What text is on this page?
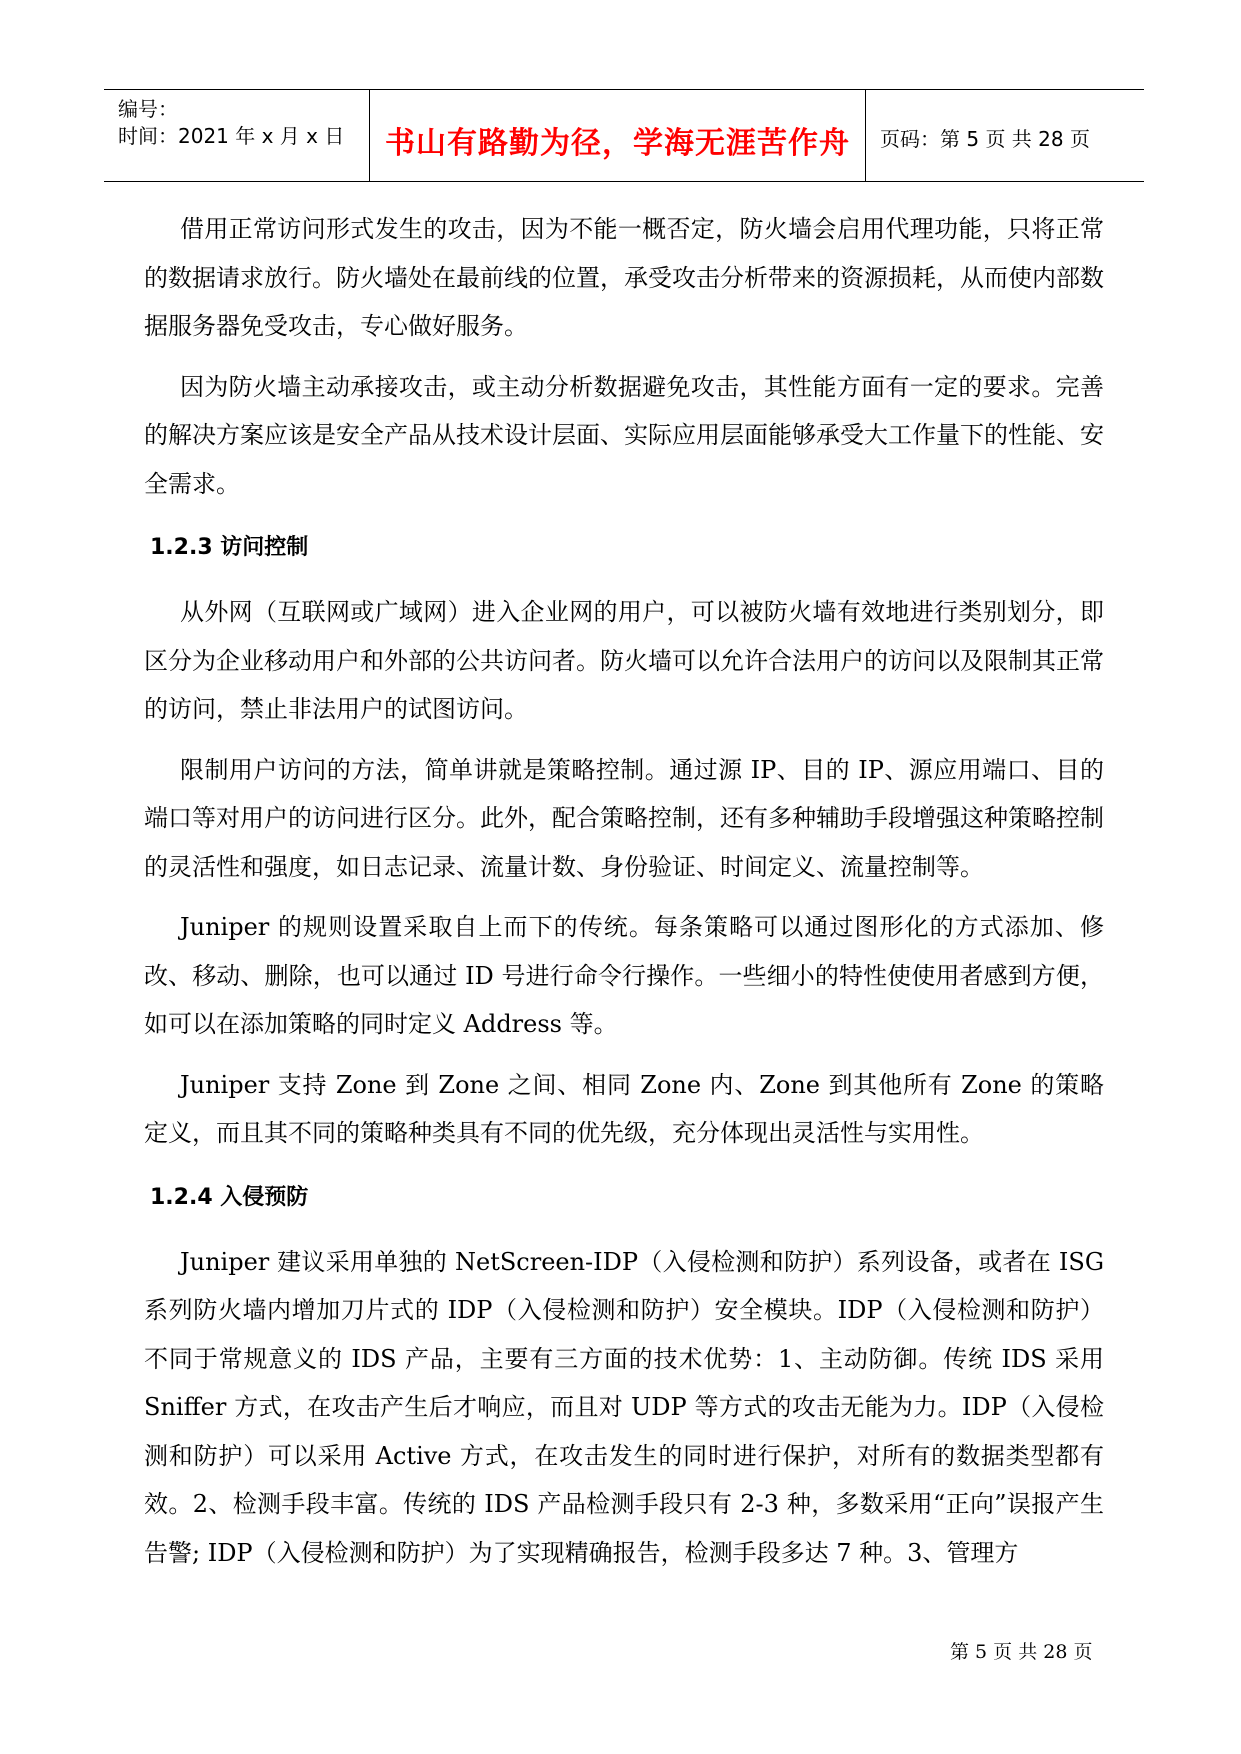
编号：
时间：2021 年 x 月 x 日	书山有路勤为径，学海无涯苦作舟	页码：第 5 页 共 28 页

借用正常访问形式发生的攻击，因为不能一概否定，防火墙会启用代理功能，只将正常的数据请求放行。防火墙处在最前线的位置，承受攻击分析带来的资源损耗，从而使内部数据服务器免受攻击，专心做好服务。

因为防火墙主动承接攻击，或主动分析数据避免攻击，其性能方面有一定的要求。完善的解决方案应该是安全产品从技术设计层面、实际应用层面能够承受大工作量下的性能、安全需求。

1.2.3 访问控制

从外网（互联网或广域网）进入企业网的用户，可以被防火墙有效地进行类别划分，即区分为企业移动用户和外部的公共访问者。防火墙可以允许合法用户的访问以及限制其正常的访问，禁止非法用户的试图访问。

限制用户访问的方法，简单讲就是策略控制。通过源 IP、目的 IP、源应用端口、目的端口等对用户的访问进行区分。此外，配合策略控制，还有多种辅助手段增强这种策略控制的灵活性和强度，如日志记录、流量计数、身份验证、时间定义、流量控制等。

Juniper 的规则设置采取自上而下的传统。每条策略可以通过图形化的方式添加、修改、移动、删除，也可以通过 ID 号进行命令行操作。一些细小的特性使使用者感到方便，如可以在添加策略的同时定义 Address 等。

Juniper 支持 Zone 到 Zone 之间、相同 Zone 内、Zone 到其他所有 Zone 的策略定义，而且其不同的策略种类具有不同的优先级，充分体现出灵活性与实用性。

1.2.4 入侵预防

Juniper 建议采用单独的 NetScreen-IDP（入侵检测和防护）系列设备，或者在 ISG 系列防火墙内增加刀片式的 IDP（入侵检测和防护）安全模块。IDP（入侵检测和防护）不同于常规意义的 IDS 产品，主要有三方面的技术优势：1、主动防御。传统 IDS 采用 Sniffer 方式，在攻击产生后才响应，而且对 UDP 等方式的攻击无能为力。IDP（入侵检测和防护）可以采用 Active 方式，在攻击发生的同时进行保护，对所有的数据类型都有效。2、检测手段丰富。传统的 IDS 产品检测手段只有 2-3 种，多数采用“正向”误报产生告警; IDP（入侵检测和防护）为了实现精确报告，检测手段多达 7 种。3、管理方

第 5 页 共 28 页
